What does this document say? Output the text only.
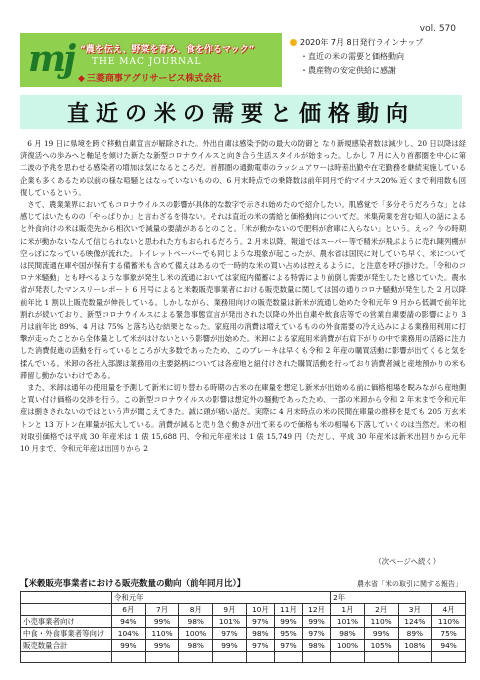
vol. 570
mj “農を伝え、野菜を育み、食を作るマック”
THE MAC JOURNAL
◆ 三菱商事アグリサービス株式会社
2020年 7月 8日発行ラインナップ
・直近の米の需要と価格動向
・農産物の安定供給に感謝
直近の米の需要と価格動向

6 月 19 日に県境を跨ぐ移動自粛宣言が解除された。外出自粛は感染予防の最大の防御と なり新規感染者数は減少し、20 日以降は経済復活への歩みへと軸足を傾けた新たな新型コロナウイルスと向き合う生活スタイルが始まった。しかし 7 月に入り首都圏を中心に第二波の予兆を思わせる感染者の増加は気になるところだ。首都圏の通勤電車のラッシュアワーは時差出勤や在宅勤務を継続実施している企業も多くあるため以前の様な喧騒とはなっていないものの、6 月末時点での乗降数は前年同月で約マイナス20% 近くまで利用数も回復しているという。

さて、農業業界においてもコロナウイルスの影響が具体的な数字で示され始めたので紹介したい。肌感覚で「多分そうだろうな」とは感じてはいたものの「やっぱりか」と言わざるを得ない。それは直近の米の需給と価格動向についてだ。米集荷業を営む知人の話によると外食向けの米は販売先から相次いで減量の要請があるとのこと。「米が動かないので肥料が倉庫に入らない」という。えっ？今の時期に米が動かないなんて信じられないと思われた方もおられるだろう。2 月末以降、報道ではスーパー等で精米が飛ぶように売れ陳列棚が空っぽになっている映像が流れた。トイレットペーパーでも同じような現象が起こったが、農水省は国民に対していち早く、米については民間流通在庫や国が保有する備蓄米も含めて備えはあるので一時的な米の買い占めは控えるように、と注意を呼び掛けた。「令和のコロナ米騒動」とも呼べるような事象が発生し米の流通においては家庭内備蓄による特需により前倒し需要が発生したと感じていた。農水省が発表したマンスリーレポート 6 月号によると米穀販売事業者における販売数量に関しては国の通りコロナ騒動が発生した 2 月以降前年比 1 割以上販売数量が伸長している。しかしながら、業務用向けの販売数量は新米が流通し始めた令和元年 9 月から低調で前年比割れが続いており、新型コロナウイルスによる緊急事態宣言が発出された以降の外出自粛や飲食店等での営業自粛要請の影響により 3 月は前年比 89%、4 月は 75% と落ち込む結果となった。家庭用の消費は増えているものの外食需要の冷え込みによる業務用利用に打撃が走ったことから全体量として米がはけないという影響が出始めた。米卸による家庭用米消費が右肩下がりの中で業務用の活路に注力した消費促進の活動を行っているところが大多数であったため、このブレーキは早くも令和 2 年産の購買活動に影響が出てくると気を揉んでいる。米卸の各社入部課は業務用の主要銘柄については各産地と紐付けされた購買活動を行っており消費者減と産地預かりの米も滞留し動かないわけである。

また、米卸は通年の使用量を予測して新米に切り替わる時期の古米の在庫量を想定し新米が出始める前に価格相場を睨みながら産地側と買い付け価格の交渉を行う。この新型コロナウイルスの影響は想定外の騒動であったため、一部の米卸から令和 2 年末まで令和元年産は捌きされないのではという声が聞こえてきた。誠に頭が痛い話だ。実際に 4 月末時点の米の民間在庫量の推移を見ても 205 万玄米トンと 13 万トン在庫量が拡大している。消費が減ると売り急ぐ動きが出て来るので価格も米の相場も下落していくのは当然だ。米の相対取引価格では平成 30 年産米は 1 俵 15,688 円、令和元年産米は 1 俵 15,749 円（ただし、平成 30 年産米は新米出回りから元年 10 月まで、令和元年産は出回りから 2

（次ページへ続く）
【米穀販売事業者における販売数量の動向（前年同月比）】	農水省「米の取引に関する報告」
	令和元年							2年			
	6月	7月	8月	9月	10月	11月	12月	1月	2月	3月	4月
小売事業者向け	94%	99%	98%	101%	97%	99%	99%	101%	110%	124%	110%
中食・外食事業者等向け	104%	110%	100%	97%	98%	95%	97%	98%	99%	89%	75%
販売数量合計	99%	99%	98%	99%	97%	97%	98%	100%	105%	108%	94%
